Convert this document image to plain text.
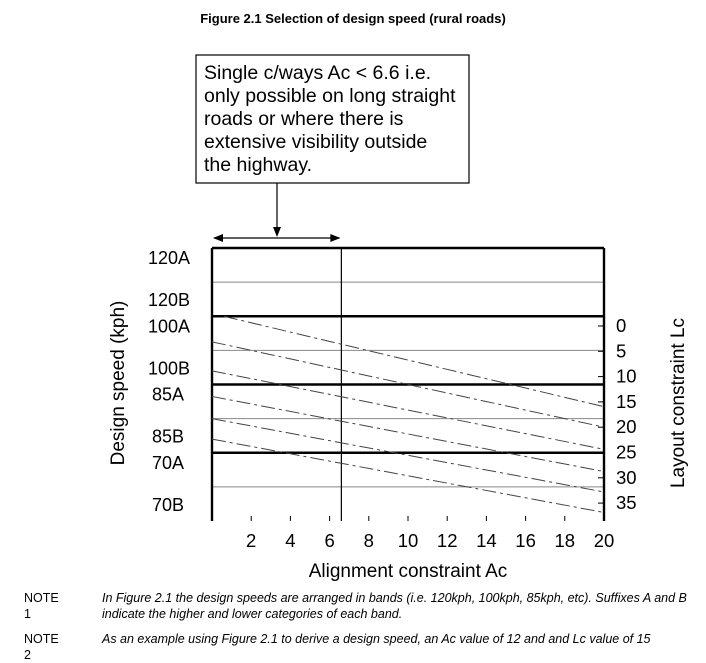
Figure 2.1 Selection of design speed (rural roads)
Single c/ways Ac < 6.6 i.e.
only possible on long straight
roads or where there is
extensive visibility outside
the highway.
2 4 6 8 10 12 14 16 18 20
120A
120B
100A
100B
85A
85B
70A
70B
0
5
10
15
20
25
30
35
Design speed (kph)	Layout constraint Lc
Alignment constraint Ac
NOTE 1
In Figure 2.1 the design speeds are arranged in bands (i.e. 120kph, 100kph, 85kph, etc). Suffixes A and B indicate the higher and lower categories of each band.
NOTE 2
As an example using Figure 2.1 to derive a design speed, an Ac value of 12 and and Lc value of 15
